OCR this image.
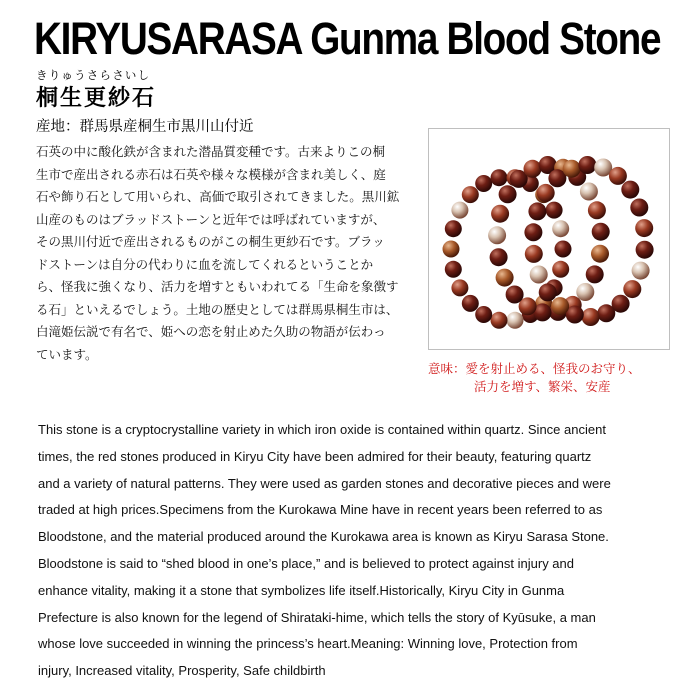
KIRYUSARASA Gunma Blood Stone
きりゅうさらさいし
桐生更紗石
産地：群馬県産桐生市黒川山付近
石英の中に酸化鉄が含まれた潜晶質変種です。古来よりこの桐
生市で産出される赤石は石英や様々な模様が含まれ美しく、庭
石や飾り石として用いられ、高価で取引されてきました。黒川鉱
山産のものはブラッドストーンと近年では呼ばれていますが、
その黒川付近で産出されるものがこの桐生更紗石です。ブラッ
ドストーンは自分の代わりに血を流してくれるということか
ら、怪我に強くなり、活力を増すともいわれてる「生命を象徴す
る石」といえるでしょう。土地の歴史としては群馬県桐生市は、
白滝姫伝説で有名で、姫への恋を射止めた久助の物語が伝わっ
ています。
意味：愛を射止める、怪我のお守り、
活力を増す、繁栄、安産
This stone is a cryptocrystalline variety in which iron oxide is contained within quartz. Since ancient
times, the red stones produced in Kiryu City have been admired for their beauty, featuring quartz
and a variety of natural patterns. They were used as garden stones and decorative pieces and were
traded at high prices.Specimens from the Kurokawa Mine have in recent years been referred to as
Bloodstone, and the material produced around the Kurokawa area is known as Kiryu Sarasa Stone.
Bloodstone is said to “shed blood in one’s place,” and is believed to protect against injury and
enhance vitality, making it a stone that symbolizes life itself.Historically, Kiryu City in Gunma
Prefecture is also known for the legend of Shirataki-hime, which tells the story of Kyūsuke, a man
whose love succeeded in winning the princess’s heart.Meaning: Winning love, Protection from
injury, Increased vitality, Prosperity, Safe childbirth
